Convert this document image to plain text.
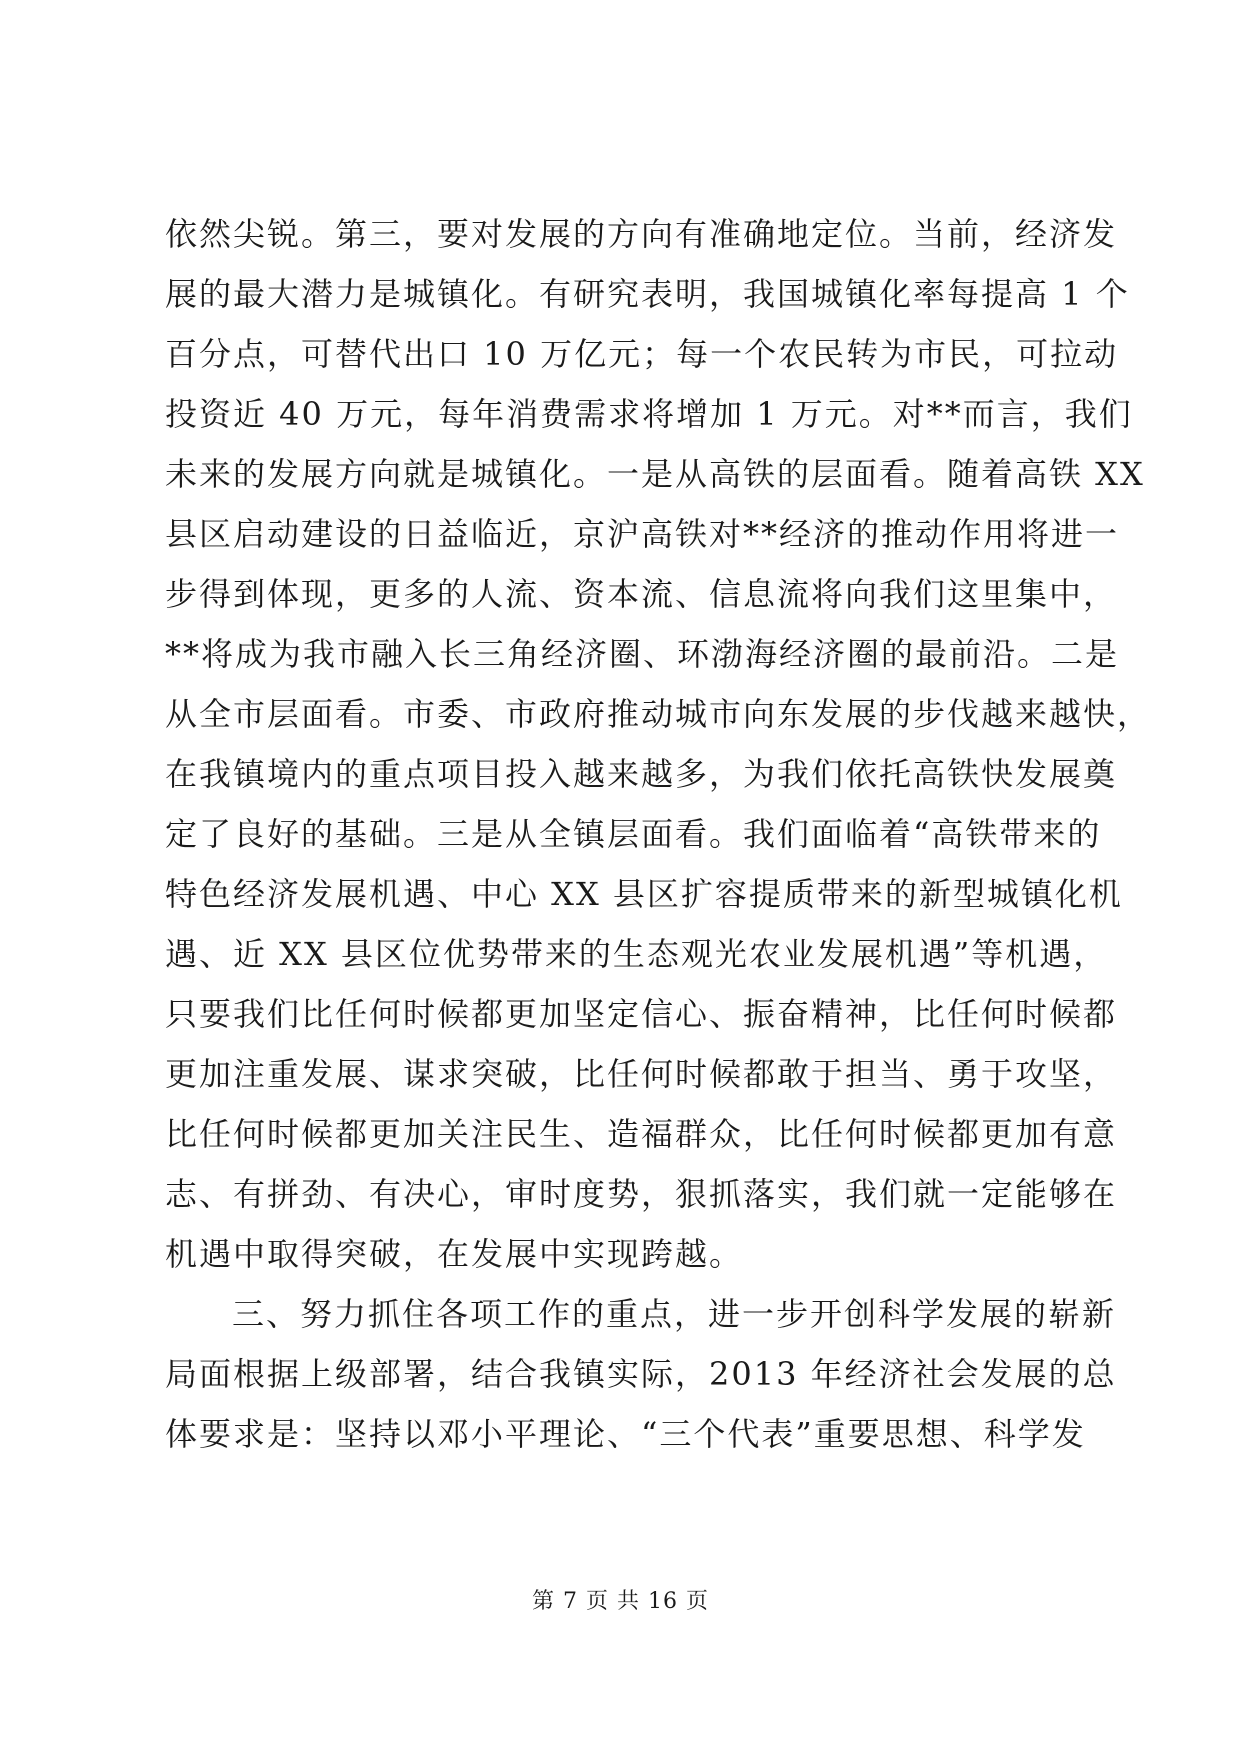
依然尖锐。第三，要对发展的方向有准确地定位。当前，经济发
展的最大潜力是城镇化。有研究表明，我国城镇化率每提高 1 个
百分点，可替代出口 10 万亿元；每一个农民转为市民，可拉动
投资近 40 万元，每年消费需求将增加 1 万元。对**而言，我们
未来的发展方向就是城镇化。一是从高铁的层面看。随着高铁 XX
县区启动建设的日益临近，京沪高铁对**经济的推动作用将进一
步得到体现，更多的人流、资本流、信息流将向我们这里集中，
**将成为我市融入长三角经济圈、环渤海经济圈的最前沿。二是
从全市层面看。市委、市政府推动城市向东发展的步伐越来越快，
在我镇境内的重点项目投入越来越多，为我们依托高铁快发展奠
定了良好的基础。三是从全镇层面看。我们面临着“高铁带来的
特色经济发展机遇、中心 XX 县区扩容提质带来的新型城镇化机
遇、近 XX 县区位优势带来的生态观光农业发展机遇”等机遇，
只要我们比任何时候都更加坚定信心、振奋精神，比任何时候都
更加注重发展、谋求突破，比任何时候都敢于担当、勇于攻坚，
比任何时候都更加关注民生、造福群众，比任何时候都更加有意
志、有拼劲、有决心，审时度势，狠抓落实，我们就一定能够在
机遇中取得突破，在发展中实现跨越。
三、努力抓住各项工作的重点，进一步开创科学发展的崭新
局面根据上级部署，结合我镇实际，2013 年经济社会发展的总
体要求是：坚持以邓小平理论、“三个代表”重要思想、科学发
第 7 页 共 16 页
